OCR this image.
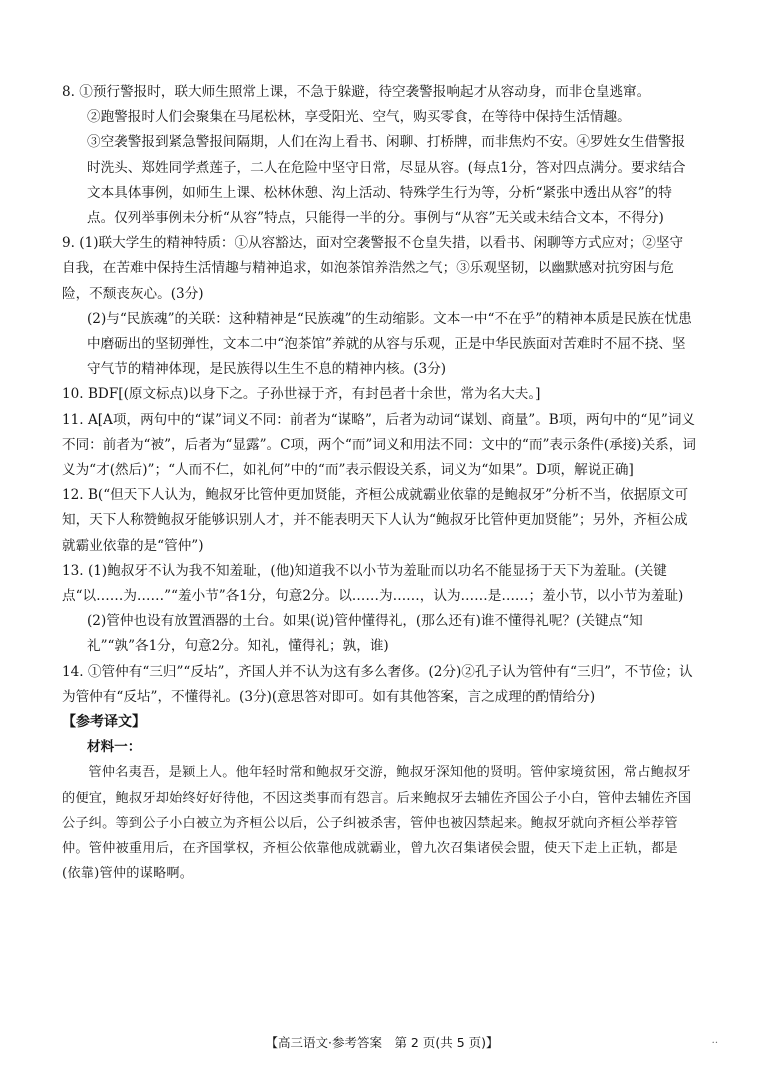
8. ①预行警报时，联大师生照常上课，不急于躲避，待空袭警报响起才从容动身，而非仓皇逃窜。

②跑警报时人们会聚集在马尾松林，享受阳光、空气，购买零食，在等待中保持生活情趣。

③空袭警报到紧急警报间隔期，人们在沟上看书、闲聊、打桥牌，而非焦灼不安。④罗姓女生借警报时洗头、郑姓同学煮莲子，二人在危险中坚守日常，尽显从容。(每点1分，答对四点满分。要求结合文本具体事例，如师生上课、松林休憩、沟上活动、特殊学生行为等，分析“紧张中透出从容”的特点。仅列举事例未分析“从容”特点，只能得一半的分。事例与“从容”无关或未结合文本，不得分)

9. (1)联大学生的精神特质：①从容豁达，面对空袭警报不仓皇失措，以看书、闲聊等方式应对；②坚守自我，在苦难中保持生活情趣与精神追求，如泡茶馆养浩然之气；③乐观坚韧，以幽默感对抗穷困与危险，不颓丧灰心。(3分)

(2)与“民族魂”的关联：这种精神是“民族魂”的生动缩影。文本一中“不在乎”的精神本质是民族在忧患中磨砺出的坚韧弹性，文本二中“泡茶馆”养就的从容与乐观，正是中华民族面对苦难时不屈不挠、坚守气节的精神体现，是民族得以生生不息的精神内核。(3分)

10. BDF[(原文标点)以身下之。子孙世禄于齐，有封邑者十余世，常为名大夫。]

11. A[A项，两句中的“谋”词义不同：前者为“谋略”，后者为动词“谋划、商量”。B项，两句中的“见”词义不同：前者为“被”，后者为“显露”。C项，两个“而”词义和用法不同：文中的“而”表示条件(承接)关系，词义为“才(然后)”；“人而不仁，如礼何”中的“而”表示假设关系，词义为“如果”。D项，解说正确]

12. B(“但天下人认为，鲍叔牙比管仲更加贤能，齐桓公成就霸业依靠的是鲍叔牙”分析不当，依据原文可知，天下人称赞鲍叔牙能够识别人才，并不能表明天下人认为“鲍叔牙比管仲更加贤能”；另外，齐桓公成就霸业依靠的是“管仲”)

13. (1)鲍叔牙不认为我不知羞耻，(他)知道我不以小节为羞耻而以功名不能显扬于天下为羞耻。(关键点“以……为……”“羞小节”各1分，句意2分。以……为……，认为……是……；羞小节，以小节为羞耻)

(2)管仲也设有放置酒器的土台。如果(说)管仲懂得礼，(那么还有)谁不懂得礼呢？(关键点“知礼”“孰”各1分，句意2分。知礼，懂得礼；孰，谁)

14. ①管仲有“三归”“反坫”，齐国人并不认为这有多么奢侈。(2分)②孔子认为管仲有“三归”，不节俭；认为管仲有“反坫”，不懂得礼。(3分)(意思答对即可。如有其他答案，言之成理的酌情给分)

【参考译文】
材料一：

管仲名夷吾，是颍上人。他年轻时常和鲍叔牙交游，鲍叔牙深知他的贤明。管仲家境贫困，常占鲍叔牙的便宜，鲍叔牙却始终好好待他，不因这类事而有怨言。后来鲍叔牙去辅佐齐国公子小白，管仲去辅佐齐国公子纠。等到公子小白被立为齐桓公以后，公子纠被杀害，管仲也被囚禁起来。鲍叔牙就向齐桓公举荐管仲。管仲被重用后，在齐国掌权，齐桓公依靠他成就霸业，曾九次召集诸侯会盟，使天下走上正轨，都是(依靠)管仲的谋略啊。

【高三语文·参考答案　第 2 页(共 5 页)】	··
